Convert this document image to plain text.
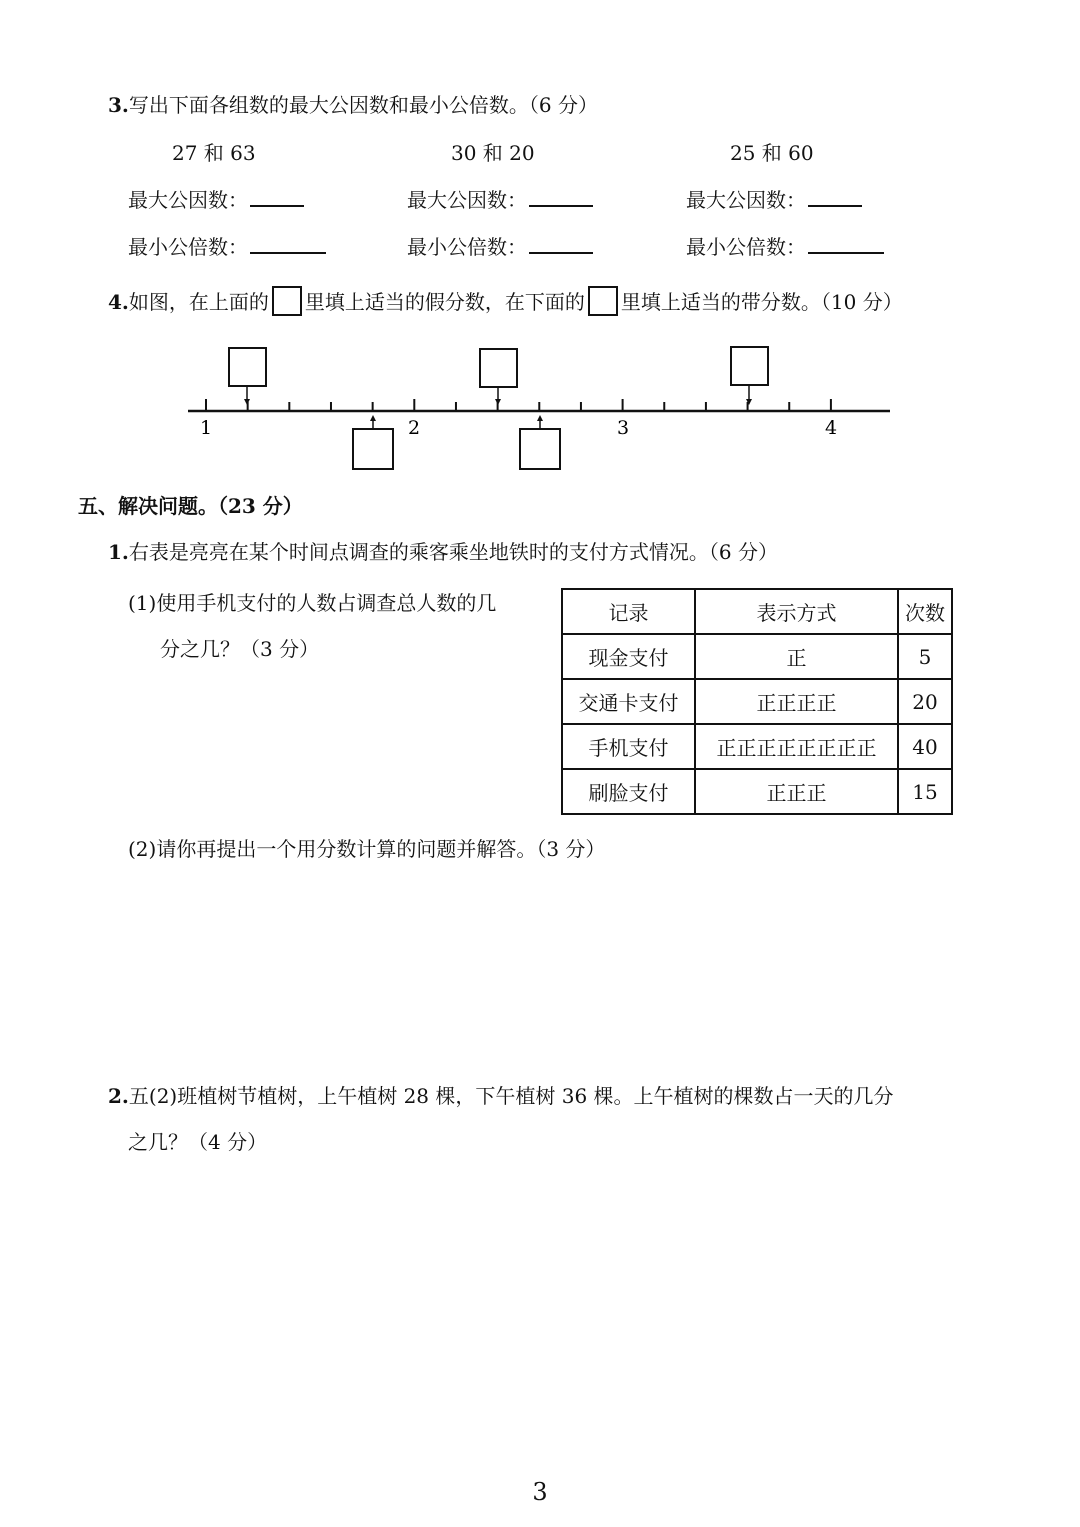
3.写出下面各组数的最大公因数和最小公倍数。（6 分）
27 和 63	30 和 20	25 和 60
最大公因数：	最大公因数：	最大公因数：
最小公倍数：	最小公倍数：	最小公倍数：
4.如图，在上面的 里填上适当的假分数，在下面的 里填上适当的带分数。（10 分）
1	2	3	4
五、解决问题。（23 分）
1.右表是亮亮在某个时间点调查的乘客乘坐地铁时的支付方式情况。（6 分）
(1)使用手机支付的人数占调查总人数的几
分之几？（3 分）
记录	表示方式	次数
现金支付	正	5
交通卡支付	正正正正	20
手机支付	正正正正正正正正	40
刷脸支付	正正正	15
(2)请你再提出一个用分数计算的问题并解答。（3 分）
2.五(2)班植树节植树，上午植树 28 棵，下午植树 36 棵。上午植树的棵数占一天的几分
之几？（4 分）
3
